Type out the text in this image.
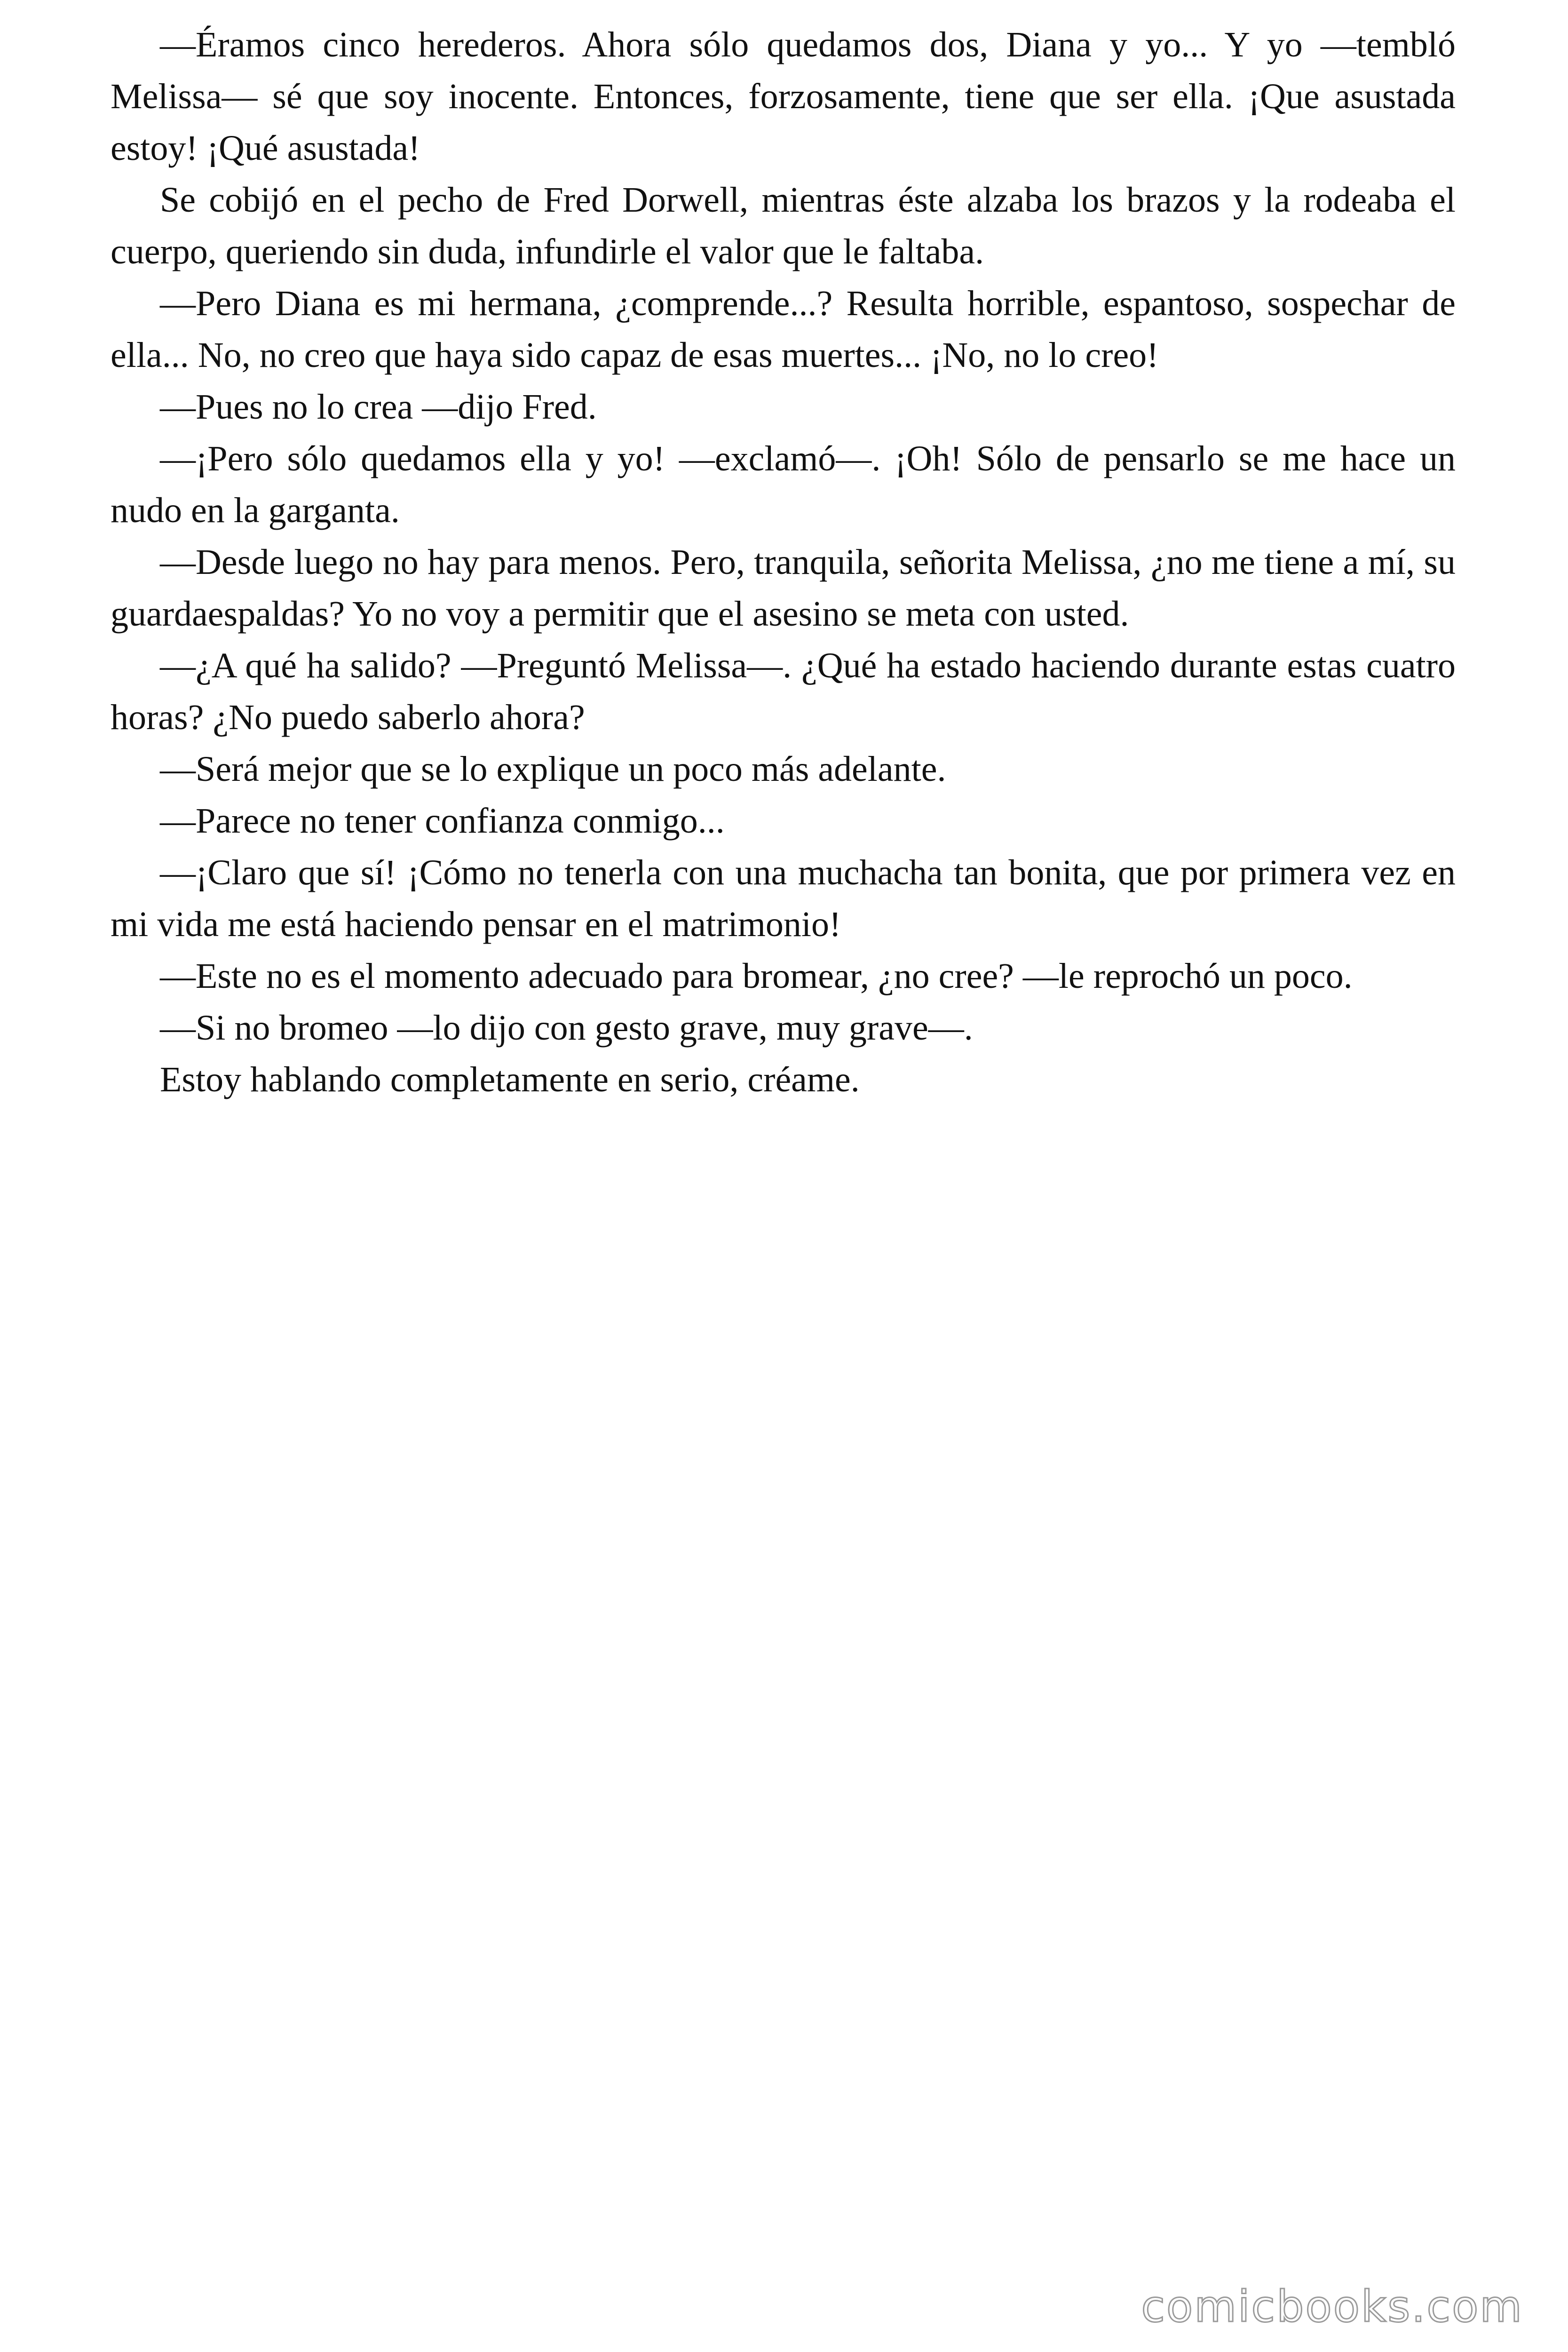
—Éramos cinco herederos. Ahora sólo quedamos dos, Diana y yo... Y yo —tembló Melissa— sé que soy inocente. Entonces, forzosamente, tiene que ser ella. ¡Que asustada estoy! ¡Qué asustada!

Se cobijó en el pecho de Fred Dorwell, mientras éste alzaba los brazos y la rodeaba el cuerpo, queriendo sin duda, infundirle el valor que le faltaba.

—Pero Diana es mi hermana, ¿comprende...? Resulta horrible, espantoso, sospechar de ella... No, no creo que haya sido capaz de esas muertes... ¡No, no lo creo!

—Pues no lo crea —dijo Fred.

—¡Pero sólo quedamos ella y yo! —exclamó—. ¡Oh! Sólo de pensarlo se me hace un nudo en la garganta.

—Desde luego no hay para menos. Pero, tranquila, señorita Melissa, ¿no me tiene a mí, su guardaespaldas? Yo no voy a permitir que el asesino se meta con usted.

—¿A qué ha salido? —Preguntó Melissa—. ¿Qué ha estado haciendo durante estas cuatro horas? ¿No puedo saberlo ahora?

—Será mejor que se lo explique un poco más adelante.

—Parece no tener confianza conmigo...

—¡Claro que sí! ¡Cómo no tenerla con una muchacha tan bonita, que por primera vez en mi vida me está haciendo pensar en el matrimonio!

—Este no es el momento adecuado para bromear, ¿no cree? —le reprochó un poco.

—Si no bromeo —lo dijo con gesto grave, muy grave—.

Estoy hablando completamente en serio, créame.

comicbooks.com
